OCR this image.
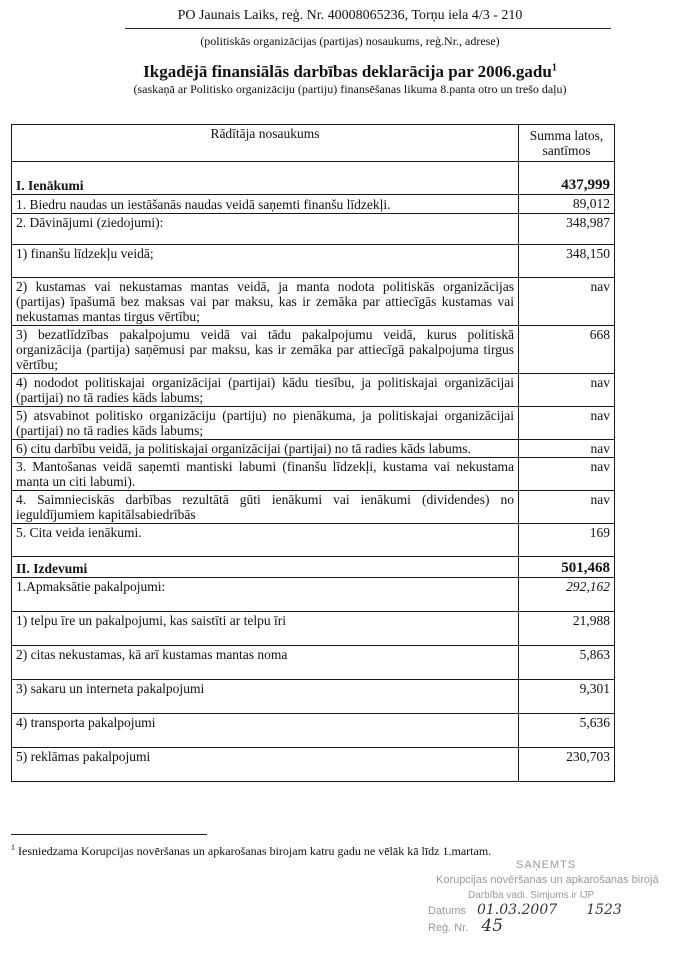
PO Jaunais Laiks, reģ. Nr. 40008065236, Torņu iela 4/3 - 210
(politiskās organizācijas (partijas) nosaukums, reģ.Nr., adrese)
Ikgadējā finansiālās darbības deklarācija par 2006.gadu$^1$
(saskaņā ar Politisko organizāciju (partiju) finansēšanas likuma 8.panta otro un trešo daļu)
Rādītāja nosaukums	Summa latos, santīmos
I. Ienākumi	437,999
1. Biedru naudas un iestāšanās naudas veidā saņemti finanšu līdzekļi.	89,012
2. Dāvinājumi (ziedojumi):	348,987
1) finanšu līdzekļu veidā;	348,150
2) kustamas vai nekustamas mantas veidā, ja manta nodota politiskās organizācijas (partijas) īpašumā bez maksas vai par maksu, kas ir zemāka par attiecīgās kustamas vai nekustamas mantas tirgus vērtību;	nav
3) bezatlīdzības pakalpojumu veidā vai tādu pakalpojumu veidā, kurus politiskā organizācija (partija) saņēmusi par maksu, kas ir zemāka par attiecīgā pakalpojuma tirgus vērtību;	668
4) nododot politiskajai organizācijai (partijai) kādu tiesību, ja politiskajai organizācijai (partijai) no tā radies kāds labums;	nav
5) atsvabinot politisko organizāciju (partiju) no pienākuma, ja politiskajai organizācijai (partijai) no tā radies kāds labums;	nav
6) citu darbību veidā, ja politiskajai organizācijai (partijai) no tā radies kāds labums.	nav
3. Mantošanas veidā saņemti mantiski labumi (finanšu līdzekļi, kustama vai nekustama manta un citi labumi).	nav
4. Saimnieciskās darbības rezultātā gūti ienākumi vai ienākumi (dividendes) no ieguldījumiem kapitālsabiedrībās	nav
5. Cita veida ienākumi.	169
II. Izdevumi	501,468
1.Apmaksātie pakalpojumi:	292,162
1) telpu īre un pakalpojumi, kas saistīti ar telpu īri	21,988
2) citas nekustamas, kā arī kustamas mantas noma	5,863
3) sakaru un interneta pakalpojumi	9,301
4) transporta pakalpojumi	5,636
5) reklāmas pakalpojumi	230,703
$^1$ Iesniedzama Korupcijas novēršanas un apkarošanas birojam katru gadu ne vēlāk kā līdz 1.martam.
SAŅEMTS
Korupcijas novēršanas un apkarošanas birojā
Darbība vadi. Simjums ir IJP
Datums 01.03.2007 1523
Reģ. Nr. 45
